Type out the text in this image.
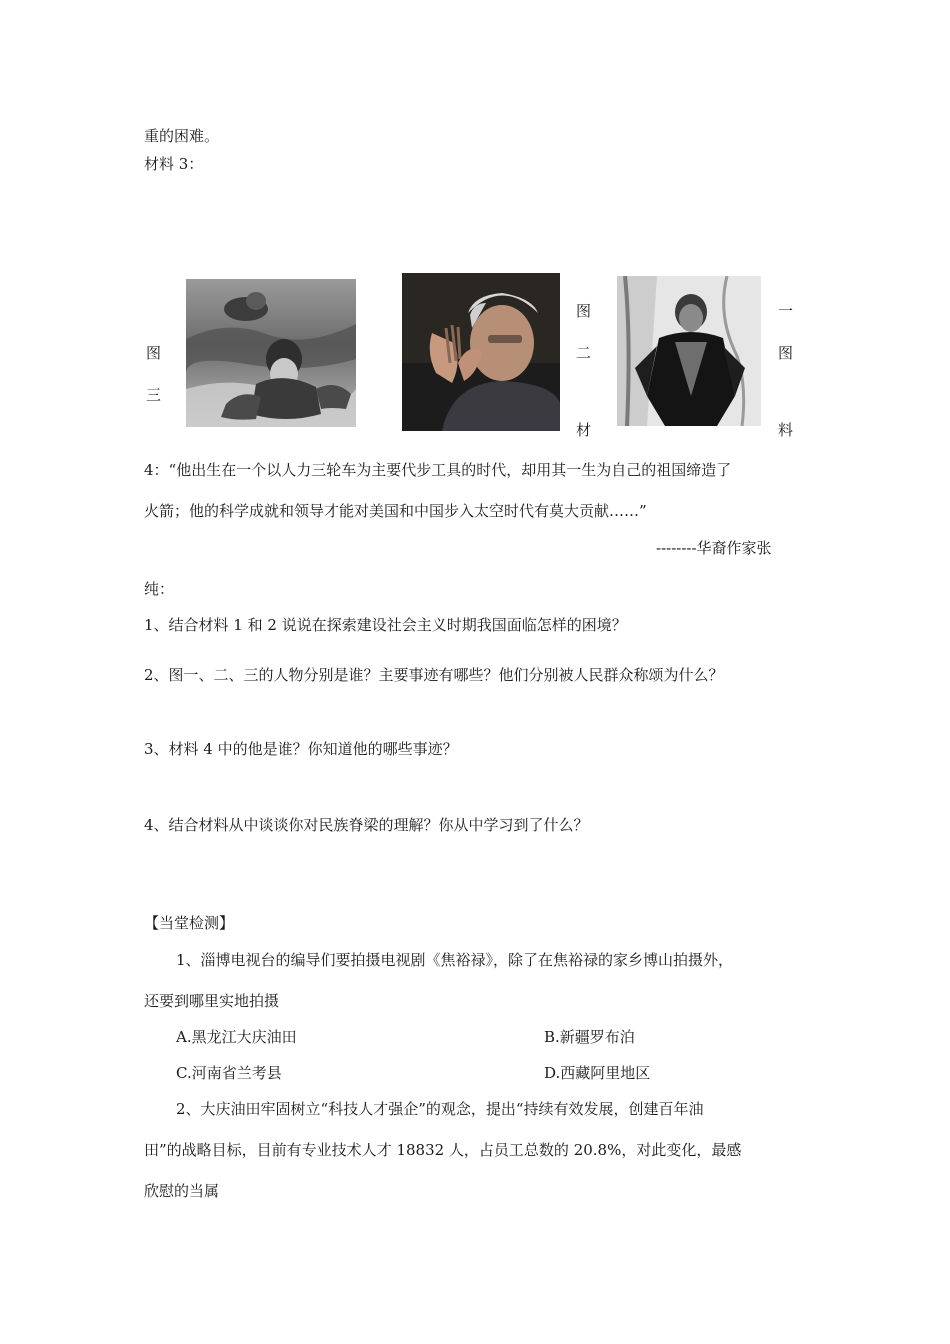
重的困难。
材料 3：
图
三
图
二
材
一
图
料
4：“他出生在一个以人力三轮车为主要代步工具的时代，却用其一生为自己的祖国缔造了
火箭；他的科学成就和领导才能对美国和中国步入太空时代有莫大贡献……”
--------华裔作家张
纯：
1、结合材料 1 和 2 说说在探索建设社会主义时期我国面临怎样的困境？
2、图一、二、三的人物分别是谁？主要事迹有哪些？他们分别被人民群众称颂为什么？
3、材料 4 中的他是谁？你知道他的哪些事迹？
4、结合材料从中谈谈你对民族脊梁的理解？你从中学习到了什么？
【当堂检测】
1、淄博电视台的编导们要拍摄电视剧《焦裕禄》，除了在焦裕禄的家乡博山拍摄外，
还要到哪里实地拍摄
A.黑龙江大庆油田	B.新疆罗布泊
C.河南省兰考县	D.西藏阿里地区
2、大庆油田牢固树立“科技人才强企”的观念，提出“持续有效发展，创建百年油
田”的战略目标，目前有专业技术人才 18832 人，占员工总数的 20.8%，对此变化，最感
欣慰的当属
